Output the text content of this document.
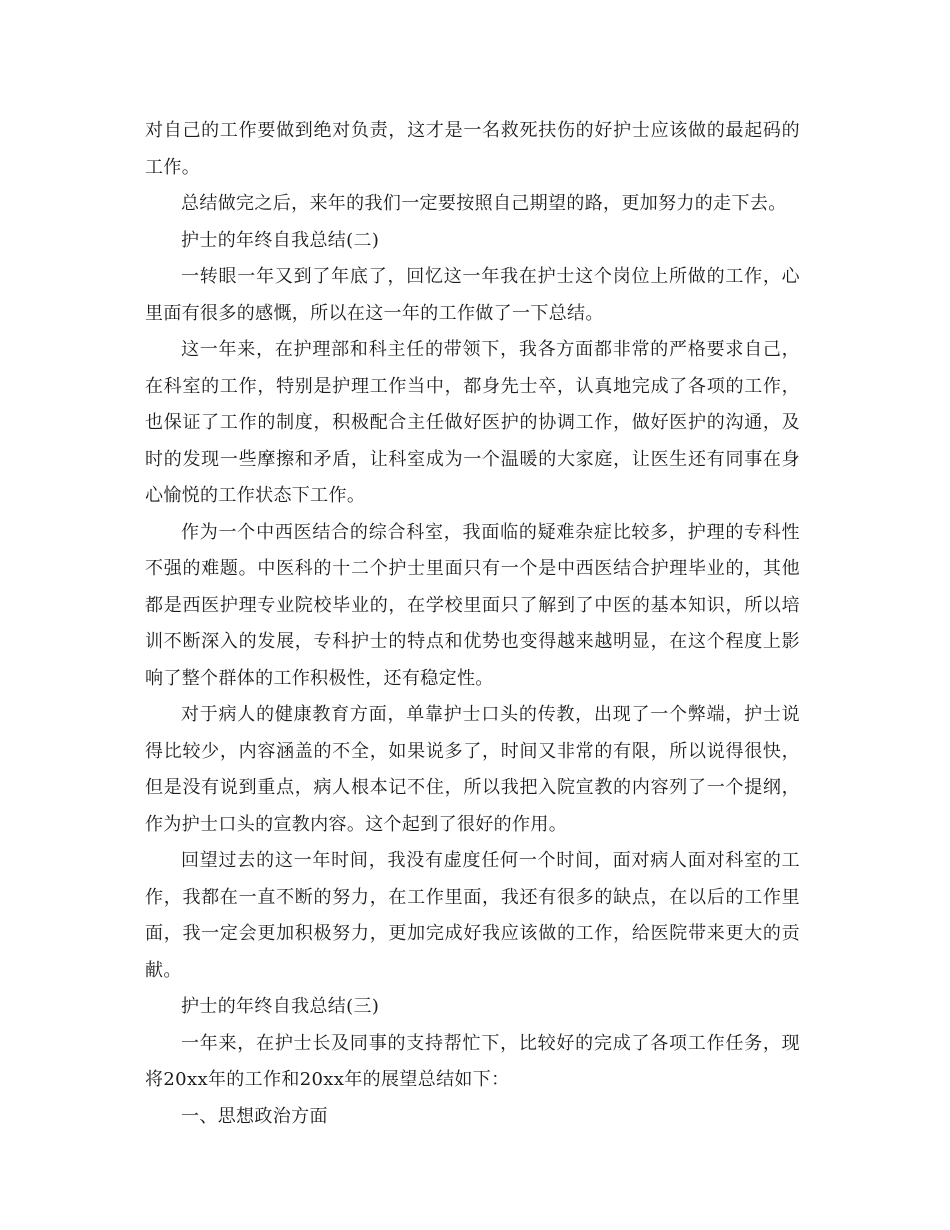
对自己的工作要做到绝对负责，这才是一名救死扶伤的好护士应该做的最起码的工作。

总结做完之后，来年的我们一定要按照自己期望的路，更加努力的走下去。

护士的年终自我总结(二)

一转眼一年又到了年底了，回忆这一年我在护士这个岗位上所做的工作，心里面有很多的感慨，所以在这一年的工作做了一下总结。

这一年来，在护理部和科主任的带领下，我各方面都非常的严格要求自己，在科室的工作，特别是护理工作当中，都身先士卒，认真地完成了各项的工作，也保证了工作的制度，积极配合主任做好医护的协调工作，做好医护的沟通，及时的发现一些摩擦和矛盾，让科室成为一个温暖的大家庭，让医生还有同事在身心愉悦的工作状态下工作。

作为一个中西医结合的综合科室，我面临的疑难杂症比较多，护理的专科性不强的难题。中医科的十二个护士里面只有一个是中西医结合护理毕业的，其他都是西医护理专业院校毕业的，在学校里面只了解到了中医的基本知识，所以培训不断深入的发展，专科护士的特点和优势也变得越来越明显，在这个程度上影响了整个群体的工作积极性，还有稳定性。

对于病人的健康教育方面，单靠护士口头的传教，出现了一个弊端，护士说得比较少，内容涵盖的不全，如果说多了，时间又非常的有限，所以说得很快，但是没有说到重点，病人根本记不住，所以我把入院宣教的内容列了一个提纲，作为护士口头的宣教内容。这个起到了很好的作用。

回望过去的这一年时间，我没有虚度任何一个时间，面对病人面对科室的工作，我都在一直不断的努力，在工作里面，我还有很多的缺点，在以后的工作里面，我一定会更加积极努力，更加完成好我应该做的工作，给医院带来更大的贡献。

护士的年终自我总结(三)

一年来，在护士长及同事的支持帮忙下，比较好的完成了各项工作任务，现将20xx年的工作和20xx年的展望总结如下：

一、思想政治方面
